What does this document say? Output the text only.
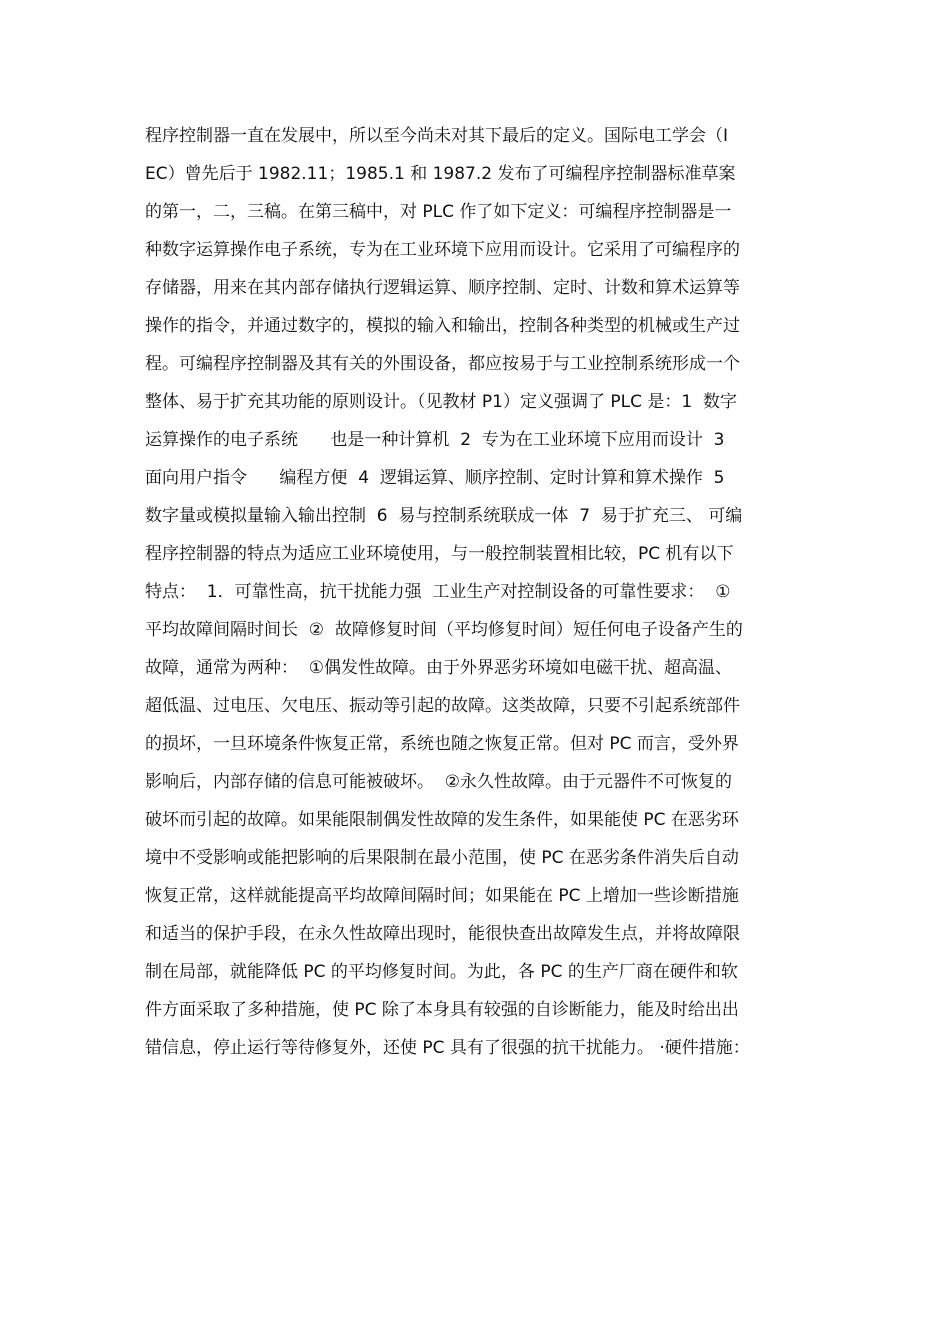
程序控制器一直在发展中，所以至今尚未对其下最后的定义。国际电工学会（I
EC）曾先后于 1982.11；1985.1 和 1987.2 发布了可编程序控制器标准草案
的第一，二，三稿。在第三稿中，对 PLC 作了如下定义：可编程序控制器是一
种数字运算操作电子系统，专为在工业环境下应用而设计。它采用了可编程序的
存储器，用来在其内部存储执行逻辑运算、顺序控制、定时、计数和算术运算等
操作的指令，并通过数字的，模拟的输入和输出，控制各种类型的机械或生产过
程。可编程序控制器及其有关的外围设备，都应按易于与工业控制系统形成一个
整体、易于扩充其功能的原则设计。（见教材 P1）定义强调了 PLC 是：1  数字
运算操作的电子系统      也是一种计算机  2  专为在工业环境下应用而设计  3
面向用户指令      编程方便  4  逻辑运算、顺序控制、定时计算和算术操作  5
数字量或模拟量输入输出控制  6  易与控制系统联成一体  7  易于扩充三、 可编
程序控制器的特点为适应工业环境使用，与一般控制装置相比较，PC 机有以下
特点：  1．可靠性高，抗干扰能力强  工业生产对控制设备的可靠性要求：  ①
平均故障间隔时间长  ②  故障修复时间（平均修复时间）短任何电子设备产生的
故障，通常为两种：  ①偶发性故障。由于外界恶劣环境如电磁干扰、超高温、
超低温、过电压、欠电压、振动等引起的故障。这类故障，只要不引起系统部件
的损坏，一旦环境条件恢复正常，系统也随之恢复正常。但对 PC 而言，受外界
影响后，内部存储的信息可能被破坏。  ②永久性故障。由于元器件不可恢复的
破坏而引起的故障。如果能限制偶发性故障的发生条件，如果能使 PC 在恶劣环
境中不受影响或能把影响的后果限制在最小范围，使 PC 在恶劣条件消失后自动
恢复正常，这样就能提高平均故障间隔时间；如果能在 PC 上增加一些诊断措施
和适当的保护手段，在永久性故障出现时，能很快查出故障发生点，并将故障限
制在局部，就能降低 PC 的平均修复时间。为此，各 PC 的生产厂商在硬件和软
件方面采取了多种措施，使 PC 除了本身具有较强的自诊断能力，能及时给出出
错信息，停止运行等待修复外，还使 PC 具有了很强的抗干扰能力。 ·硬件措施：
